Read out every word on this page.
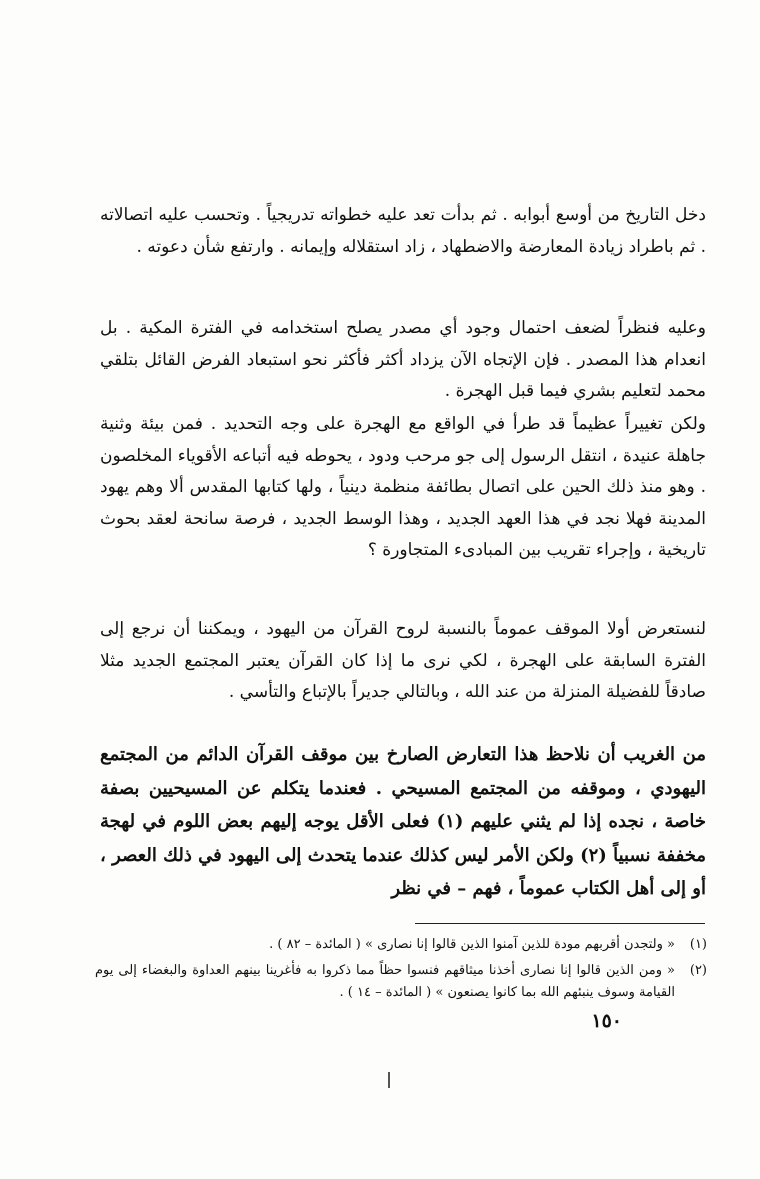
دخل التاريخ من أوسع أبوابه . ثم بدأت تعد عليه خطواته تدريجياً . وتحسب عليه اتصالاته . ثم باطراد زيادة المعارضة والاضطهاد ، زاد استقلاله وإيمانه . وارتفع شأن دعوته .

وعليه فنظراً لضعف احتمال وجود أي مصدر يصلح استخدامه في الفترة المكية . بل انعدام هذا المصدر . فإن الإتجاه الآن يزداد أكثر فأكثر نحو استبعاد الفرض القائل بتلقي محمد لتعليم بشري فيما قبل الهجرة .

ولكن تغييراً عظيماً قد طرأ في الواقع مع الهجرة على وجه التحديد . فمن بيئة وثنية جاهلة عنيدة ، انتقل الرسول إلى جو مرحب ودود ، يحوطه فيه أتباعه الأقوياء المخلصون . وهو منذ ذلك الحين على اتصال بطائفة منظمة دينياً ، ولها كتابها المقدس ألا وهم يهود المدينة فهلا نجد في هذا العهد الجديد ، وهذا الوسط الجديد ، فرصة سانحة لعقد بحوث تاريخية ، وإجراء تقريب بين المبادىء المتجاورة ؟

لنستعرض أولا الموقف عموماً بالنسبة لروح القرآن من اليهود ، ويمكننا أن نرجع إلى الفترة السابقة على الهجرة ، لكي نرى ما إذا كان القرآن يعتبر المجتمع الجديد مثلا صادقاً للفضيلة المنزلة من عند الله ، وبالتالي جديراً بالإتباع والتأسي .

من الغريب أن نلاحظ هذا التعارض الصارخ بين موقف القرآن الدائم من المجتمع اليهودي ، وموقفه من المجتمع المسيحي . فعندما يتكلم عن المسيحيين بصفة خاصة ، نجده إذا لم يثني عليهم (١) فعلى الأقل يوجه إليهم بعض اللوم في لهجة مخففة نسبياً (٢) ولكن الأمر ليس كذلك عندما يتحدث إلى اليهود في ذلك العصر ، أو إلى أهل الكتاب عموماً ، فهم – في نظر

(١)
« ولتجدن أقربهم مودة للذين آمنوا الذين قالوا إنا نصارى » ( المائدة – ٨٢ ) .
(٢)
« ومن الذين قالوا إنا نصارى أخذنا ميثاقهم فنسوا حظاً مما ذكروا به فأغرينا بينهم العداوة والبغضاء إلى يوم القيامة وسوف ينبئهم الله بما كانوا يصنعون » ( المائدة – ١٤ ) .
١٥٠
